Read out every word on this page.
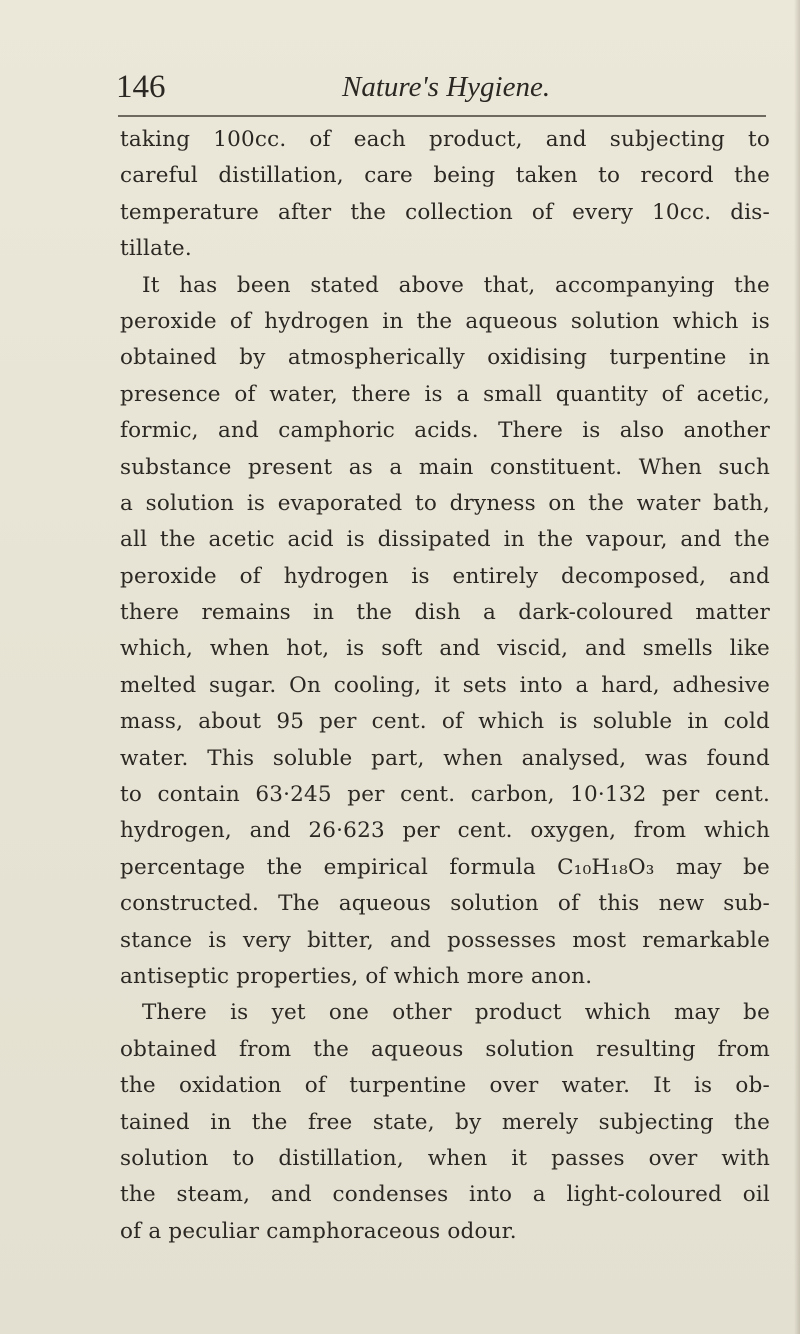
146	Nature's Hygiene.
taking 100cc. of each product, and subjecting to
careful distillation, care being taken to record the
temperature after the collection of every 10cc. dis-
tillate.
It has been stated above that, accompanying the
peroxide of hydrogen in the aqueous solution which is
obtained by atmospherically oxidising turpentine in
presence of water, there is a small quantity of acetic,
formic, and camphoric acids. There is also another
substance present as a main constituent. When such
a solution is evaporated to dryness on the water bath,
all the acetic acid is dissipated in the vapour, and the
peroxide of hydrogen is entirely decomposed, and
there remains in the dish a dark-coloured matter
which, when hot, is soft and viscid, and smells like
melted sugar. On cooling, it sets into a hard, adhesive
mass, about 95 per cent. of which is soluble in cold
water. This soluble part, when analysed, was found
to contain 63·245 per cent. carbon, 10·132 per cent.
hydrogen, and 26·623 per cent. oxygen, from which
percentage the empirical formula C₁₀H₁₈O₃ may be
constructed. The aqueous solution of this new sub-
stance is very bitter, and possesses most remarkable
antiseptic properties, of which more anon.
There is yet one other product which may be
obtained from the aqueous solution resulting from
the oxidation of turpentine over water. It is ob-
tained in the free state, by merely subjecting the
solution to distillation, when it passes over with
the steam, and condenses into a light-coloured oil
of a peculiar camphoraceous odour.
